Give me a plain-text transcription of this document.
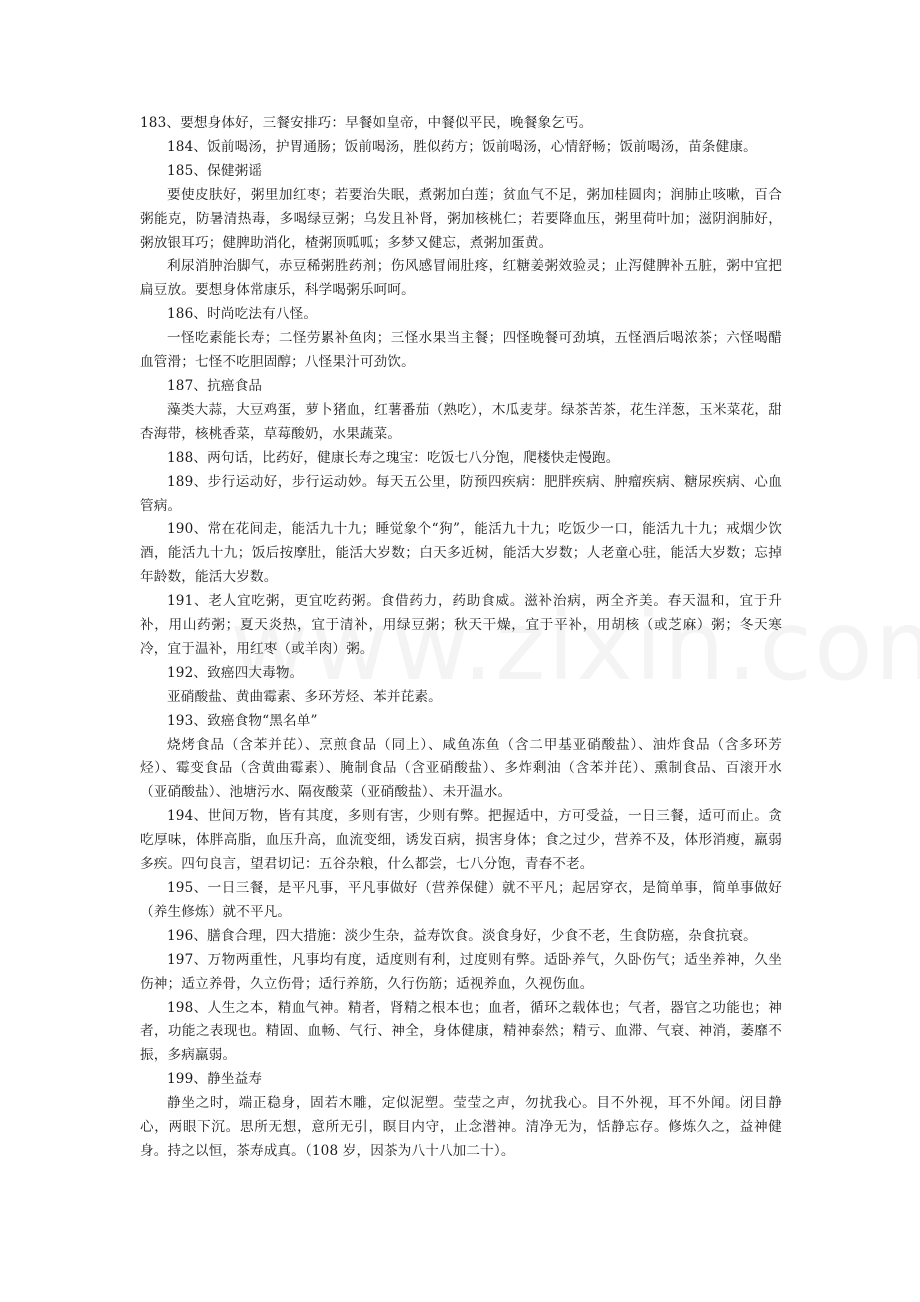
183、要想身体好，三餐安排巧：早餐如皇帝，中餐似平民，晚餐象乞丐。

184、饭前喝汤，护胃通肠；饭前喝汤，胜似药方；饭前喝汤，心情舒畅；饭前喝汤，苗条健康。

185、保健粥谣

要使皮肤好，粥里加红枣；若要治失眠，煮粥加白莲；贫血气不足，粥加桂圆肉；润肺止咳嗽，百合粥能克，防暑清热毒，多喝绿豆粥；乌发且补肾，粥加核桃仁；若要降血压，粥里荷叶加；滋阴润肺好，粥放银耳巧；健脾助消化，楂粥顶呱呱；多梦又健忘，煮粥加蛋黄。

利尿消肿治脚气，赤豆稀粥胜药剂；伤风感冒闹肚疼，红糖姜粥效验灵；止泻健脾补五脏，粥中宜把扁豆放。要想身体常康乐，科学喝粥乐呵呵。

186、时尚吃法有八怪。

一怪吃素能长寿；二怪劳累补鱼肉；三怪水果当主餐；四怪晚餐可劲填，五怪酒后喝浓茶；六怪喝醋血管滑；七怪不吃胆固醇；八怪果汁可劲饮。

187、抗癌食品

藻类大蒜，大豆鸡蛋，萝卜猪血，红薯番茄（熟吃），木瓜麦芽。绿茶苦茶，花生洋葱，玉米菜花，甜杏海带，核桃香菜，草莓酸奶，水果蔬菜。

188、两句话，比药好，健康长寿之瑰宝：吃饭七八分饱，爬楼快走慢跑。

189、步行运动好，步行运动妙。每天五公里，防预四疾病：肥胖疾病、肿瘤疾病、糖尿疾病、心血管病。

190、常在花间走，能活九十九；睡觉象个“狗”，能活九十九；吃饭少一口，能活九十九；戒烟少饮酒，能活九十九；饭后按摩肚，能活大岁数；白天多近树，能活大岁数；人老童心驻，能活大岁数；忘掉年龄数，能活大岁数。

191、老人宜吃粥，更宜吃药粥。食借药力，药助食威。滋补治病，两全齐美。春天温和，宜于升补，用山药粥；夏天炎热，宜于清补，用绿豆粥；秋天干燥，宜于平补，用胡核（或芝麻）粥；冬天寒冷，宜于温补，用红枣（或羊肉）粥。

192、致癌四大毒物。

亚硝酸盐、黄曲霉素、多环芳烃、苯并芘素。

193、致癌食物“黑名单”

烧烤食品（含苯并芘）、烹煎食品（同上）、咸鱼冻鱼（含二甲基亚硝酸盐）、油炸食品（含多环芳烃）、霉变食品（含黄曲霉素）、腌制食品（含亚硝酸盐）、多炸剩油（含苯并芘）、熏制食品、百滚开水（亚硝酸盐）、池塘污水、隔夜酸菜（亚硝酸盐）、未开温水。

194、世间万物，皆有其度，多则有害，少则有弊。把握适中，方可受益，一日三餐，适可而止。贪吃厚味，体胖高脂，血压升高，血流变细，诱发百病，损害身体；食之过少，营养不及，体形消瘦，羸弱多疾。四句良言，望君切记：五谷杂粮，什么都尝，七八分饱，青春不老。

195、一日三餐，是平凡事，平凡事做好（营养保健）就不平凡；起居穿衣，是简单事，简单事做好（养生修炼）就不平凡。

196、膳食合理，四大措施：淡少生杂，益寿饮食。淡食身好，少食不老，生食防癌，杂食抗衰。

197、万物两重性，凡事均有度，适度则有利，过度则有弊。适卧养气，久卧伤气；适坐养神，久坐伤神；适立养骨，久立伤骨；适行养筋，久行伤筋；适视养血，久视伤血。

198、人生之本，精血气神。精者，肾精之根本也；血者，循环之载体也；气者，器官之功能也；神者，功能之表现也。精固、血畅、气行、神全，身体健康，精神泰然；精亏、血滞、气衰、神消，萎靡不振，多病羸弱。

199、静坐益寿

静坐之时，端正稳身，固若木雕，定似泥塑。莹莹之声，勿扰我心。目不外视，耳不外闻。闭目静心，两眼下沉。思所无想，意所无引，瞑目内守，止念潜神。清净无为，恬静忘存。修炼久之，益神健身。持之以恒，茶寿成真。（108 岁，因茶为八十八加二十）。
